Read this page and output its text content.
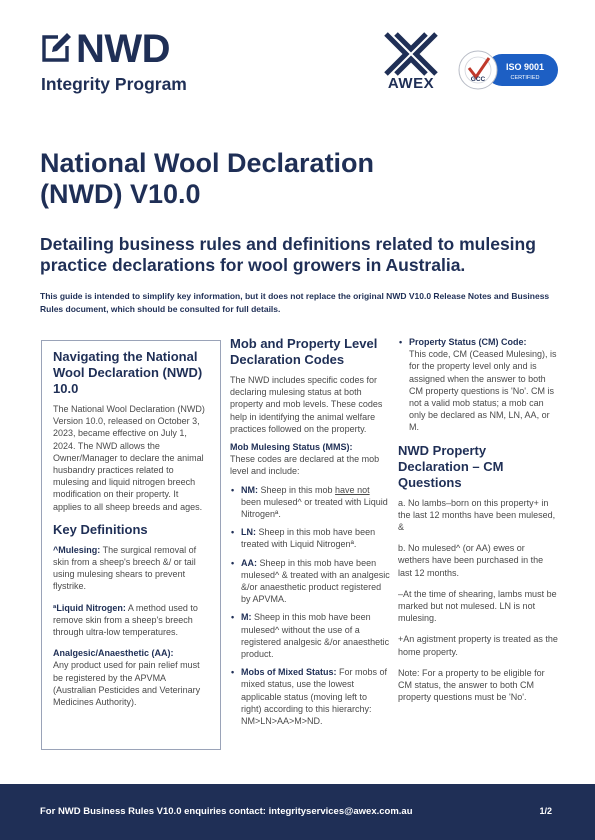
NWD
Integrity Program	AWEX	GCC
ISO 9001
CERTIFIED
National Wool Declaration
(NWD) V10.0
Detailing business rules and definitions related to mulesing practice declarations for wool growers in Australia.
This guide is intended to simplify key information, but it does not replace the original NWD V10.0 Release Notes and Business Rules document, which should be consulted for full details.
Navigating the National Wool Declaration (NWD) 10.0

The National Wool Declaration (NWD) Version 10.0, released on October 3, 2023, became effective on July 1, 2024. The NWD allows the Owner/Manager to declare the animal husbandry practices related to mulesing and liquid nitrogen breech modification on their property. It applies to all sheep breeds and ages.

Key Definitions

^Mulesing: The surgical removal of skin from a sheep's breech &/ or tail using mulesing shears to prevent flystrike.

ªLiquid Nitrogen: A method used to remove skin from a sheep's breech through ultra-low temperatures.

Analgesic/Anaesthetic (AA):

Any product used for pain relief must be registered by the APVMA (Australian Pesticides and Veterinary Medicines Authority).

Mob and Property Level Declaration Codes

The NWD includes specific codes for declaring mulesing status at both property and mob levels. These codes help in identifying the animal welfare practices followed on the property.

Mob Mulesing Status (MMS):

These codes are declared at the mob level and include:

• NM: Sheep in this mob have not been mulesed^ or treated with Liquid Nitrogenª.
• LN: Sheep in this mob have been treated with Liquid Nitrogenª.
• AA: Sheep in this mob have been mulesed^ & treated with an analgesic &/or anaesthetic product registered by APVMA.
• M: Sheep in this mob have been mulesed^ without the use of a registered analgesic &/or anaesthetic product.
• Mobs of Mixed Status: For mobs of mixed status, use the lowest applicable status (moving left to right) according to this hierarchy: NM>LN>AA>M>ND.
• Property Status (CM) Code:
This code, CM (Ceased Mulesing), is for the property level only and is assigned when the answer to both CM property questions is 'No'. CM is not a valid mob status; a mob can only be declared as NM, LN, AA, or M.
NWD Property Declaration – CM Questions

a. No lambs–born on this property+ in the last 12 months have been mulesed, &

b. No mulesed^ (or AA) ewes or wethers have been purchased in the last 12 months.

–At the time of shearing, lambs must be marked but not mulesed. LN is not mulesing.

+An agistment property is treated as the home property.

Note: For a property to be eligible for CM status, the answer to both CM property questions must be 'No'.

For NWD Business Rules V10.0 enquiries contact: integrityservices@awex.com.au	1/2
